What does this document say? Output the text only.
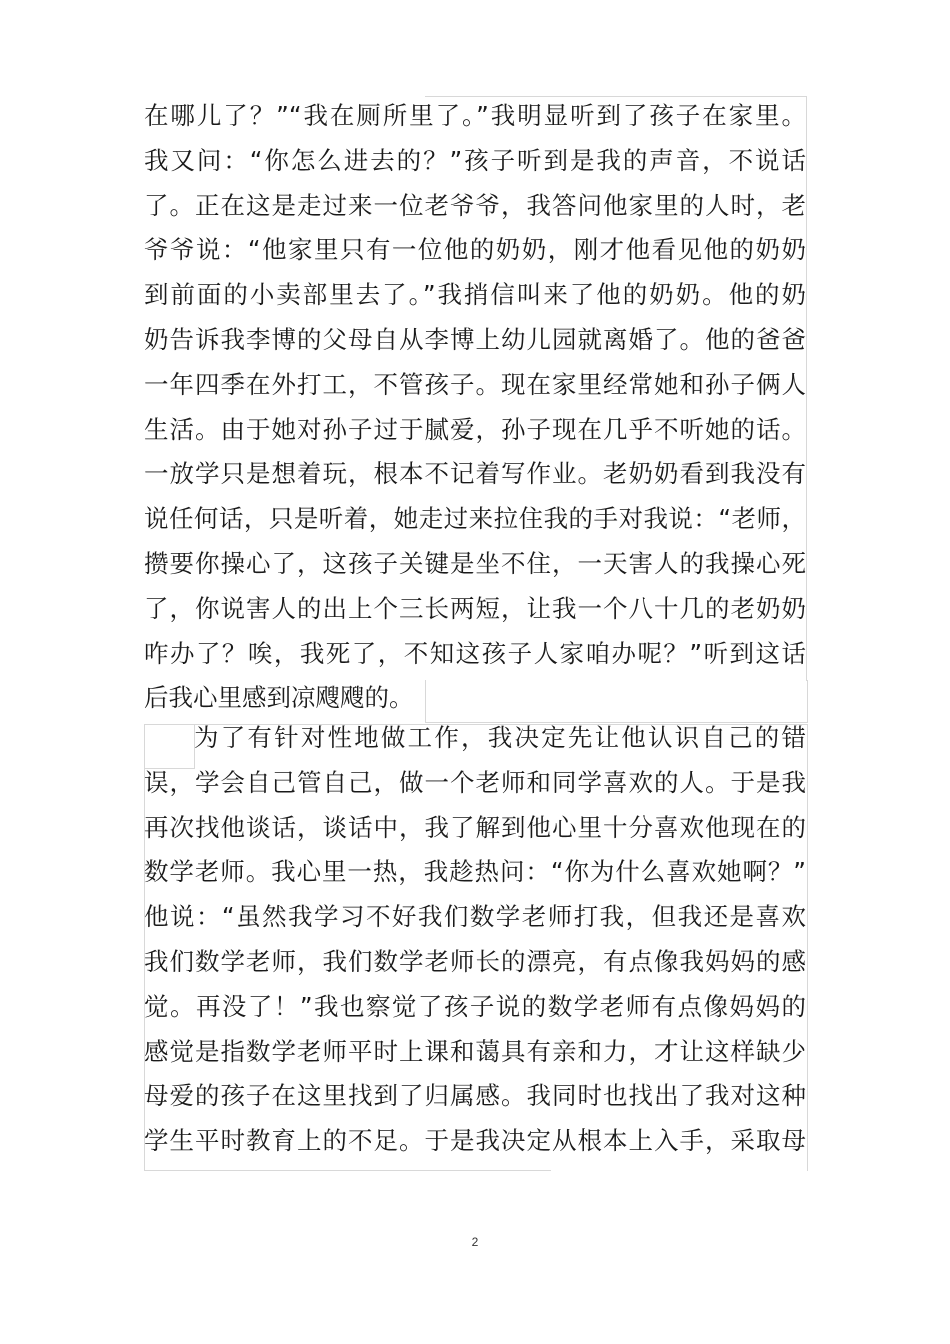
在哪儿了？”“我在厕所里了。”我明显听到了孩子在家里。
我又问：“你怎么进去的？”孩子听到是我的声音，不说话
了。正在这是走过来一位老爷爷，我答问他家里的人时，老
爷爷说：“他家里只有一位他的奶奶，刚才他看见他的奶奶
到前面的小卖部里去了。”我捎信叫来了他的奶奶。他的奶
奶告诉我李博的父母自从李博上幼儿园就离婚了。他的爸爸
一年四季在外打工，不管孩子。现在家里经常她和孙子俩人
生活。由于她对孙子过于腻爱，孙子现在几乎不听她的话。
一放学只是想着玩，根本不记着写作业。老奶奶看到我没有
说任何话，只是听着，她走过来拉住我的手对我说：“老师，
攒要你操心了，这孩子关键是坐不住，一天害人的我操心死
了，你说害人的出上个三长两短，让我一个八十几的老奶奶
咋办了？唉，我死了，不知这孩子人家咱办呢？”听到这话
后我心里感到凉飕飕的。
为了有针对性地做工作，我决定先让他认识自己的错
误，学会自己管自己，做一个老师和同学喜欢的人。于是我
再次找他谈话，谈话中，我了解到他心里十分喜欢他现在的
数学老师。我心里一热，我趁热问：“你为什么喜欢她啊？”
他说：“虽然我学习不好我们数学老师打我，但我还是喜欢
我们数学老师，我们数学老师长的漂亮，有点像我妈妈的感
觉。再没了！”我也察觉了孩子说的数学老师有点像妈妈的
感觉是指数学老师平时上课和蔼具有亲和力，才让这样缺少
母爱的孩子在这里找到了归属感。我同时也找出了我对这种
学生平时教育上的不足。于是我决定从根本上入手，采取母
2
